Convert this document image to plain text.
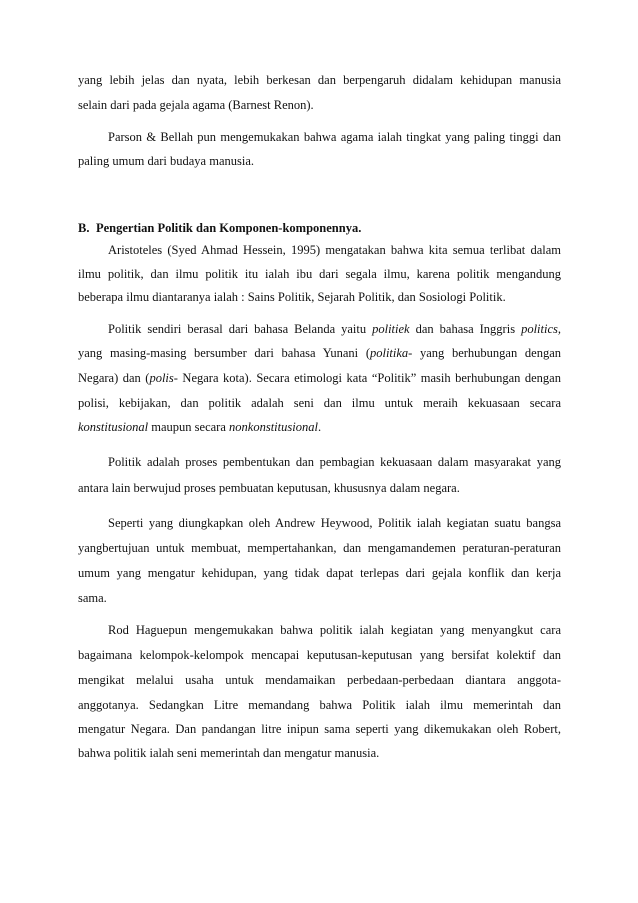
yang lebih jelas dan nyata, lebih berkesan dan berpengaruh didalam kehidupan manusia
selain dari pada gejala agama (Barnest Renon).
Parson & Bellah pun mengemukakan bahwa agama ialah tingkat yang paling tinggi dan
paling umum dari budaya manusia.
B. Pengertian Politik dan Komponen-komponennya.
Aristoteles (Syed Ahmad Hessein, 1995) mengatakan bahwa kita semua terlibat dalam
ilmu politik, dan ilmu politik itu ialah ibu dari segala ilmu, karena politik mengandung
beberapa ilmu diantaranya ialah : Sains Politik, Sejarah Politik, dan Sosiologi Politik.
Politik sendiri berasal dari bahasa Belanda yaitu politiek dan bahasa Inggris politics,
yang masing-masing bersumber dari bahasa Yunani (politika- yang berhubungan dengan
Negara) dan (polis- Negara kota). Secara etimologi kata “Politik” masih berhubungan dengan
polisi, kebijakan, dan politik adalah seni dan ilmu untuk meraih kekuasaan secara
konstitusional maupun secara nonkonstitusional.
Politik adalah proses pembentukan dan pembagian kekuasaan dalam masyarakat yang
antara lain berwujud proses pembuatan keputusan, khususnya dalam negara.
Seperti yang diungkapkan oleh Andrew Heywood, Politik ialah kegiatan suatu bangsa
yangbertujuan untuk membuat, mempertahankan, dan mengamandemen peraturan-peraturan
umum yang mengatur kehidupan, yang tidak dapat terlepas dari gejala konflik dan kerja
sama.
Rod Haguepun mengemukakan bahwa politik ialah kegiatan yang menyangkut cara
bagaimana kelompok-kelompok mencapai keputusan-keputusan yang bersifat kolektif dan
mengikat melalui usaha untuk mendamaikan perbedaan-perbedaan diantara anggota-
anggotanya. Sedangkan Litre memandang bahwa Politik ialah ilmu memerintah dan
mengatur Negara. Dan pandangan litre inipun sama seperti yang dikemukakan oleh Robert,
bahwa politik ialah seni memerintah dan mengatur manusia.
